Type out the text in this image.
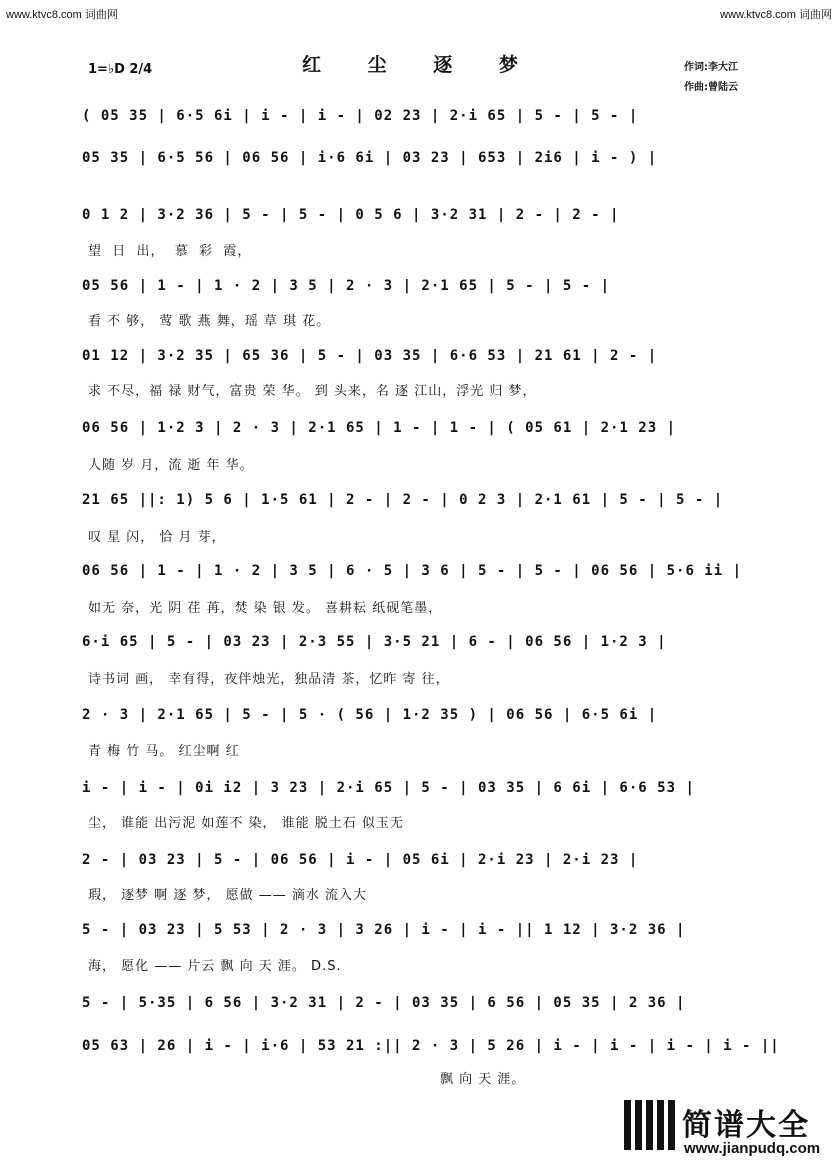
www.ktvc8.com 词曲网	www.ktvc8.com 词曲网
红 尘 逐 梦
1=♭D 2/4	作词:李大江
作曲:曾陆云
( 05 35 | 6·5 6i | i - | i - | 02 23 | 2·i 65 | 5 - | 5 - |
05 35 | 6·5 56 | 06 56 | i·6 6i | 03 23 | 653 | 2i6 | i - ) |
0 1 2 | 3·2 36 | 5 - | 5 - | 0 5 6 | 3·2 31 | 2 - | 2 - |
望  日  出，  慕  彩  霞，
05 56 | 1 - | 1 · 2 | 3 5 | 2 · 3 | 2·1 65 | 5 - | 5 - |
看 不 够， 莺 歌 燕 舞，瑶 草 琪 花。
01 12 | 3·2 35 | 65 36 | 5 - | 03 35 | 6·6 53 | 21 61 | 2 - |
求 不尽，福 禄 财气，富贵 荣 华。 到 头来，名 逐 江山，浮光 归 梦，
06 56 | 1·2 3 | 2 · 3 | 2·1 65 | 1 - | 1 - | ( 05 61 | 2·1 23 |
人随 岁 月，流 逝 年 华。
21 65 ||: 1) 5 6 | 1·5 61 | 2 - | 2 - | 0 2 3 | 2·1 61 | 5 - | 5 - |
叹 星 闪， 恰 月 芽，
06 56 | 1 - | 1 · 2 | 3 5 | 6 · 5 | 3 6 | 5 - | 5 - | 06 56 | 5·6 ii |
如无 奈，光 阴 荏 苒，焚 染 银 发。 喜耕耘 纸砚笔墨，
6·i 65 | 5 - | 03 23 | 2·3 55 | 3·5 21 | 6 - | 06 56 | 1·2 3 |
诗书词 画， 幸有得，夜伴烛光，独品清 茶，忆昨 寄 往，
2 · 3 | 2·1 65 | 5 - | 5 · ( 56 | 1·2 35 ) | 06 56 | 6·5 6i |
青 梅 竹 马。 红尘啊 红
i - | i - | 0i i2 | 3 23 | 2·i 65 | 5 - | 03 35 | 6 6i | 6·6 53 |
尘， 谁能 出污泥 如莲不 染， 谁能 脱土石 似玉无
2 - | 03 23 | 5 - | 06 56 | i - | 05 6i | 2·i 23 | 2·i 23 |
瑕， 逐梦 啊 逐 梦， 愿做 —— 滴水 流入大
5 - | 03 23 | 5 53 | 2 · 3 | 3 26 | i - | i - || 1 12 | 3·2 36 |
海， 愿化 —— 片云 飘 向 天 涯。 D.S.
5 - | 5·35 | 6 56 | 3·2 31 | 2 - | 03 35 | 6 56 | 05 35 | 2 36 |
05 63 | 26 | i - | i·6 | 53 21 :|| 2 · 3 | 5 26 | i - | i - | i - | i - ||
飘 向 天 涯。
简谱大全
www.jianpudq.com
